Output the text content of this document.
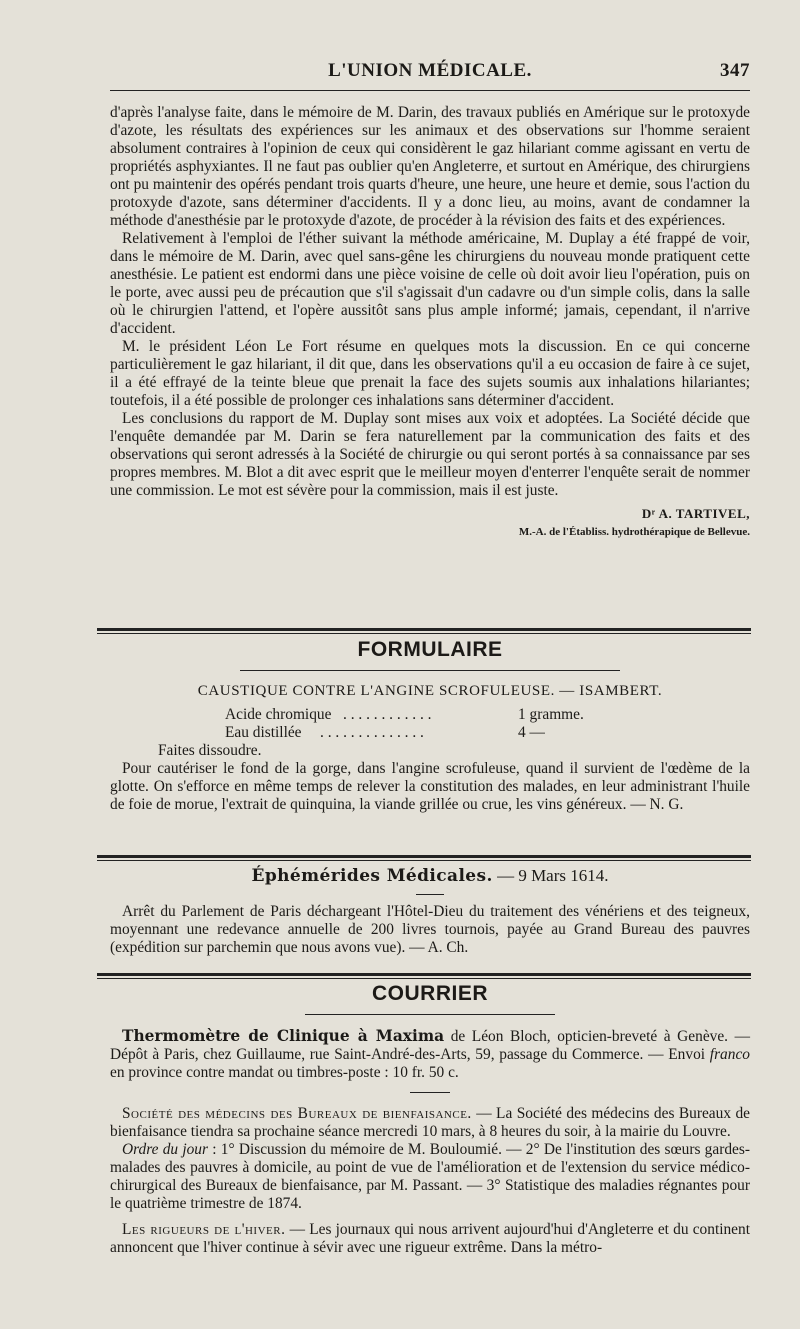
L'UNION MÉDICALE.	347

d'après l'analyse faite, dans le mémoire de M. Darin, des travaux publiés en Amérique sur le protoxyde d'azote, les résultats des expériences sur les animaux et des observations sur l'homme seraient absolument contraires à l'opinion de ceux qui considèrent le gaz hilariant comme agissant en vertu de propriétés asphyxiantes. Il ne faut pas oublier qu'en Angleterre, et surtout en Amérique, des chirurgiens ont pu maintenir des opérés pendant trois quarts d'heure, une heure, une heure et demie, sous l'action du protoxyde d'azote, sans déterminer d'accidents. Il y a donc lieu, au moins, avant de condamner la méthode d'anesthésie par le protoxyde d'azote, de procéder à la révision des faits et des expériences.

Relativement à l'emploi de l'éther suivant la méthode américaine, M. Duplay a été frappé de voir, dans le mémoire de M. Darin, avec quel sans-gêne les chirurgiens du nouveau monde pratiquent cette anesthésie. Le patient est endormi dans une pièce voisine de celle où doit avoir lieu l'opération, puis on le porte, avec aussi peu de précaution que s'il s'agissait d'un cadavre ou d'un simple colis, dans la salle où le chirurgien l'attend, et l'opère aussitôt sans plus ample informé; jamais, cependant, il n'arrive d'accident.

M. le président Léon Le Fort résume en quelques mots la discussion. En ce qui concerne particulièrement le gaz hilariant, il dit que, dans les observations qu'il a eu occasion de faire à ce sujet, il a été effrayé de la teinte bleue que prenait la face des sujets soumis aux inhalations hilariantes; toutefois, il a été possible de prolonger ces inhalations sans déterminer d'accident.

Les conclusions du rapport de M. Duplay sont mises aux voix et adoptées. La Société décide que l'enquête demandée par M. Darin se fera naturellement par la communication des faits et des observations qui seront adressés à la Société de chirurgie ou qui seront portés à sa connaissance par ses propres membres. M. Blot a dit avec esprit que le meilleur moyen d'enterrer l'enquête serait de nommer une commission. Le mot est sévère pour la commission, mais il est juste.

Dʳ A. TARTIVEL,
M.-A. de l'Établiss. hydrothérapique de Bellevue.
FORMULAIRE
CAUSTIQUE CONTRE L'ANGINE SCROFULEUSE. — ISAMBERT.
Acide chromique . . . . . . . . . . . .	1 gramme.
Eau distillée . . . . . . . . . . . . . .	4 —
Faites dissoudre.

Pour cautériser le fond de la gorge, dans l'angine scrofuleuse, quand il survient de l'œdème de la glotte. On s'efforce en même temps de relever la constitution des malades, en leur administrant l'huile de foie de morue, l'extrait de quinquina, la viande grillée ou crue, les vins généreux. — N. G.

Éphémérides Médicales. — 9 Mars 1614.

Arrêt du Parlement de Paris déchargeant l'Hôtel-Dieu du traitement des vénériens et des teigneux, moyennant une redevance annuelle de 200 livres tournois, payée au Grand Bureau des pauvres (expédition sur parchemin que nous avons vue). — A. Ch.

COURRIER

Thermomètre de Clinique à Maxima de Léon Bloch, opticien-breveté à Genève. — Dépôt à Paris, chez Guillaume, rue Saint-André-des-Arts, 59, passage du Commerce. — Envoi franco en province contre mandat ou timbres-poste : 10 fr. 50 c.

Société des médecins des Bureaux de bienfaisance. — La Société des médecins des Bureaux de bienfaisance tiendra sa prochaine séance mercredi 10 mars, à 8 heures du soir, à la mairie du Louvre.

Ordre du jour : 1° Discussion du mémoire de M. Bouloumié. — 2° De l'institution des sœurs gardes-malades des pauvres à domicile, au point de vue de l'amélioration et de l'extension du service médico-chirurgical des Bureaux de bienfaisance, par M. Passant. — 3° Statistique des maladies régnantes pour le quatrième trimestre de 1874.

Les rigueurs de l'hiver. — Les journaux qui nous arrivent aujourd'hui d'Angleterre et du continent annoncent que l'hiver continue à sévir avec une rigueur extrême. Dans la métro-
